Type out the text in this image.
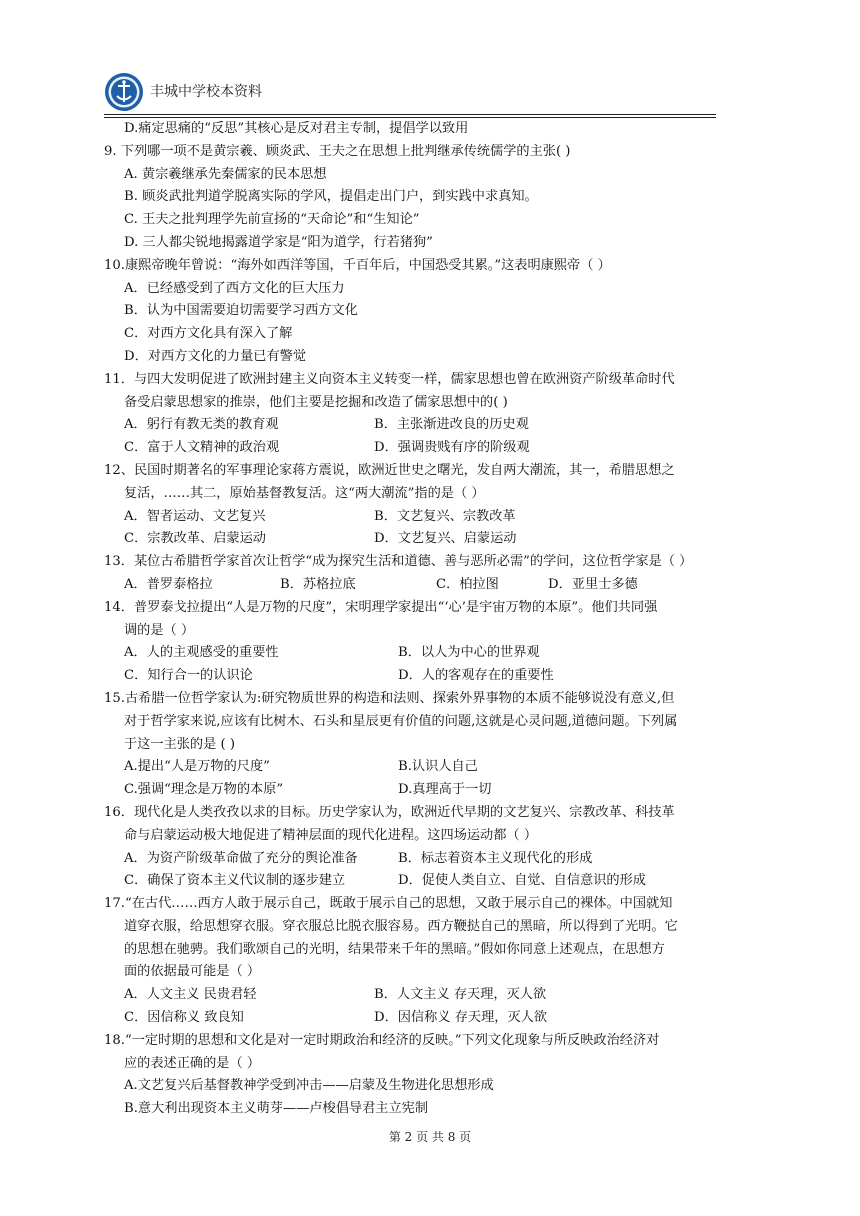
丰城中学校本资料
D.痛定思痛的“反思”其核心是反对君主专制，提倡学以致用
9. 下列哪一项不是黄宗羲、顾炎武、王夫之在思想上批判继承传统儒学的主张( )
A. 黄宗羲继承先秦儒家的民本思想
B. 顾炎武批判道学脱离实际的学风，提倡走出门户，到实践中求真知。
C. 王夫之批判理学先前宣扬的“天命论”和“生知论”
D. 三人都尖锐地揭露道学家是“阳为道学，行若猪狗”
10.康熙帝晚年曾说：“海外如西洋等国，千百年后，中国恐受其累。”这表明康熙帝（ ）
A．已经感受到了西方文化的巨大压力
B．认为中国需要迫切需要学习西方文化
C．对西方文化具有深入了解
D．对西方文化的力量已有警觉
11．与四大发明促进了欧洲封建主义向资本主义转变一样，儒家思想也曾在欧洲资产阶级革命时代
备受启蒙思想家的推崇，他们主要是挖掘和改造了儒家思想中的( )
A．躬行有教无类的教育观	B．主张渐进改良的历史观
C．富于人文精神的政治观	D．强调贵贱有序的阶级观
12、民国时期著名的军事理论家蒋方震说，欧洲近世史之曙光，发自两大潮流，其一，希腊思想之
复活，……其二，原始基督教复活。这“两大潮流”指的是（ ）
A．智者运动、文艺复兴	B．文艺复兴、宗教改革
C．宗教改革、启蒙运动	D．文艺复兴、启蒙运动
13．某位古希腊哲学家首次让哲学“成为探究生活和道德、善与恶所必需”的学问，这位哲学家是（ ）
A．普罗泰格拉	B．苏格拉底	C．柏拉图	D．亚里士多德
14．普罗泰戈拉提出“人是万物的尺度”，宋明理学家提出“‘心’是宇宙万物的本原”。他们共同强
调的是（ ）
A．人的主观感受的重要性	B．以人为中心的世界观
C．知行合一的认识论	D．人的客观存在的重要性
15.古希腊一位哲学家认为:研究物质世界的构造和法则、探索外界事物的本质不能够说没有意义,但
对于哲学家来说,应该有比树木、石头和星辰更有价值的问题,这就是心灵问题,道德问题。下列属
于这一主张的是 ( )
A.提出“人是万物的尺度”	B.认识人自己
C.强调“理念是万物的本原”	D.真理高于一切
16．现代化是人类孜孜以求的目标。历史学家认为，欧洲近代早期的文艺复兴、宗教改革、科技革
命与启蒙运动极大地促进了精神层面的现代化进程。这四场运动都（ ）
A．为资产阶级革命做了充分的舆论准备	B．标志着资本主义现代化的形成
C．确保了资本主义代议制的逐步建立	D．促使人类自立、自觉、自信意识的形成
17.“在古代……西方人敢于展示自己，既敢于展示自己的思想，又敢于展示自己的裸体。中国就知
道穿衣服，给思想穿衣服。穿衣服总比脱衣服容易。西方鞭挞自己的黑暗，所以得到了光明。它
的思想在驰骋。我们歌颂自己的光明，结果带来千年的黑暗。”假如你同意上述观点，在思想方
面的依据最可能是（ ）
A．人文主义 民贵君轻	B．人文主义 存天理，灭人欲
C．因信称义 致良知	D．因信称义 存天理，灭人欲
18.“一定时期的思想和文化是对一定时期政治和经济的反映。”下列文化现象与所反映政治经济对
应的表述正确的是（ ）
A.文艺复兴后基督教神学受到冲击——启蒙及生物进化思想形成
B.意大利出现资本主义萌芽——卢梭倡导君主立宪制
第 2 页 共 8 页
